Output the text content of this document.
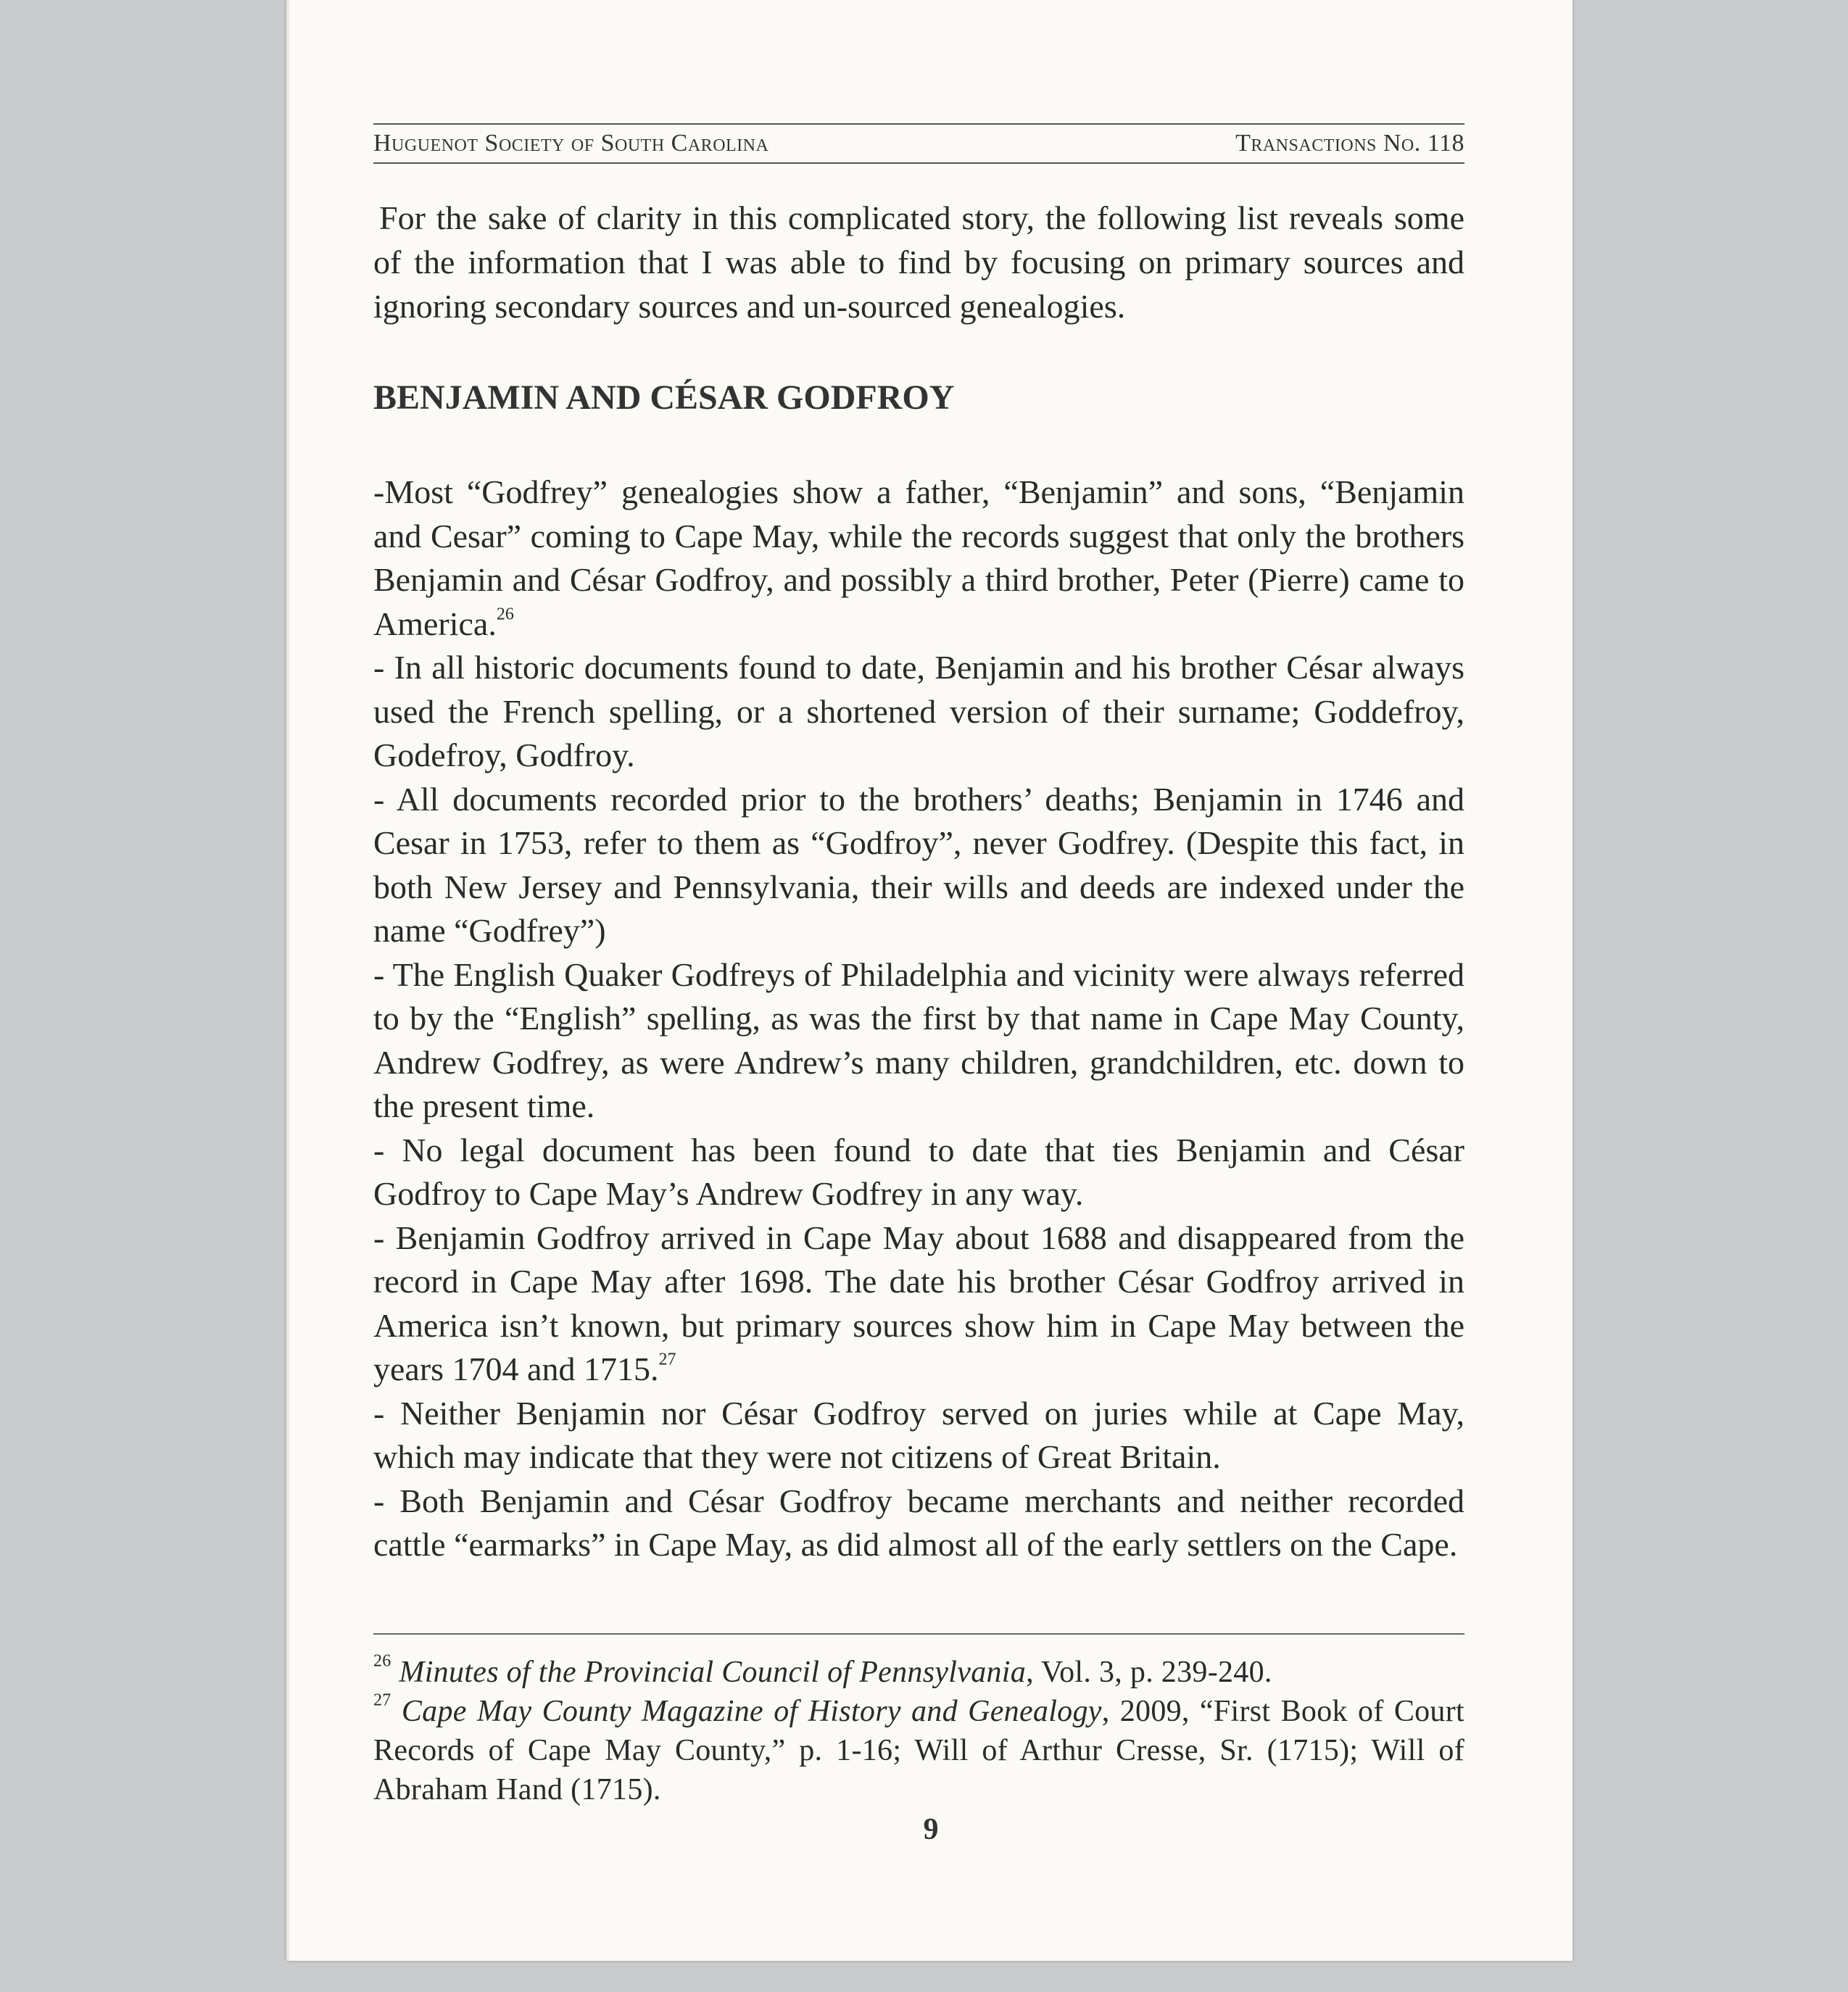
Huguenot Society of South Carolina	Transactions No. 118

For the sake of clarity in this complicated story, the following list reveals some of the information that I was able to find by focusing on primary sources and ignoring secondary sources and un-sourced genealogies.

BENJAMIN AND CÉSAR GODFROY

-Most “Godfrey” genealogies show a father, “Benjamin” and sons, “Benjamin and Cesar” coming to Cape May, while the records suggest that only the brothers Benjamin and César Godfroy, and possibly a third brother, Peter (Pierre) came to America.$^{26}$

- In all historic documents found to date, Benjamin and his brother César always used the French spelling, or a shortened version of their surname; Goddefroy, Godefroy, Godfroy.

- All documents recorded prior to the brothers’ deaths; Benjamin in 1746 and Cesar in 1753, refer to them as “Godfroy”, never Godfrey. (Despite this fact, in both New Jersey and Pennsylvania, their wills and deeds are indexed under the name “Godfrey”)

- The English Quaker Godfreys of Philadelphia and vicinity were always referred to by the “English” spelling, as was the first by that name in Cape May County, Andrew Godfrey, as were Andrew’s many children, grandchildren, etc. down to the present time.

- No legal document has been found to date that ties Benjamin and César Godfroy to Cape May’s Andrew Godfrey in any way.

- Benjamin Godfroy arrived in Cape May about 1688 and disappeared from the record in Cape May after 1698. The date his brother César Godfroy arrived in America isn’t known, but primary sources show him in Cape May between the years 1704 and 1715.27

- Neither Benjamin nor César Godfroy served on juries while at Cape May, which may indicate that they were not citizens of Great Britain.

- Both Benjamin and César Godfroy became merchants and neither recorded cattle “earmarks” in Cape May, as did almost all of the early settlers on the Cape.

$^{26}$ Minutes of the Provincial Council of Pennsylvania, Vol. 3, p. 239-240.

$^{27}$ Cape May County Magazine of History and Genealogy, 2009, “First Book of Court Records of Cape May County,” p. 1-16; Will of Arthur Cresse, Sr. (1715); Will of Abraham Hand (1715).

9
